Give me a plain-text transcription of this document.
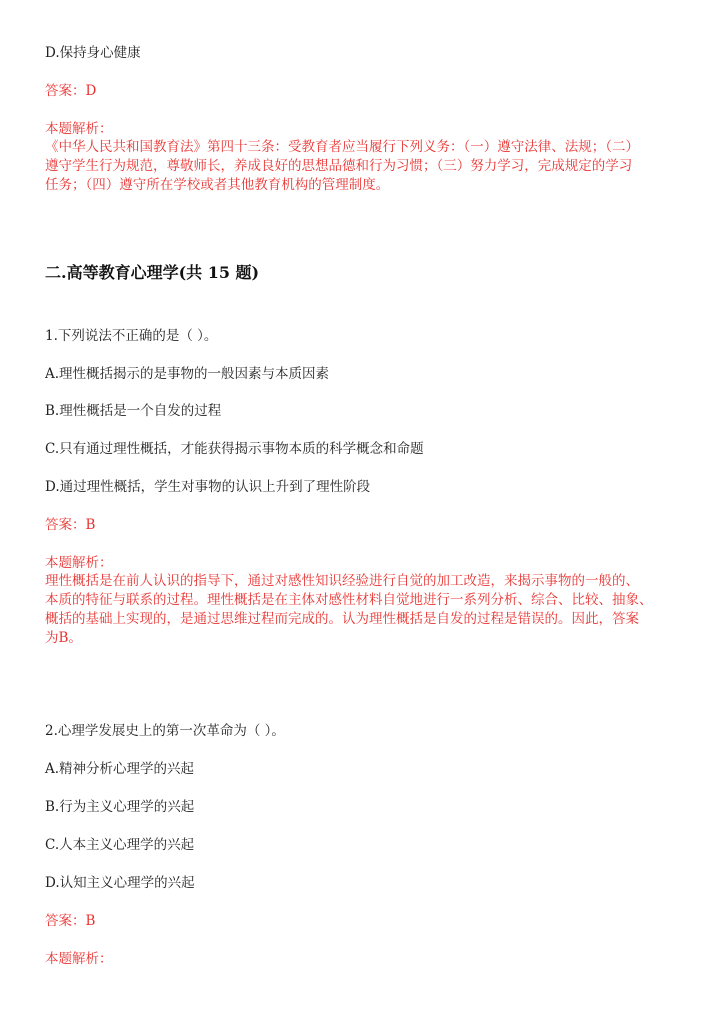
D.保持身心健康
答案：D
本题解析：
《中华人民共和国教育法》第四十三条：受教育者应当履行下列义务：（一）遵守法律、法规；（二）
遵守学生行为规范，尊敬师长，养成良好的思想品德和行为习惯；（三）努力学习，完成规定的学习
任务；（四）遵守所在学校或者其他教育机构的管理制度。
二.高等教育心理学(共 15 题)
1.下列说法不正确的是（ ）。
A.理性概括揭示的是事物的一般因素与本质因素
B.理性概括是一个自发的过程
C.只有通过理性概括，才能获得揭示事物本质的科学概念和命题
D.通过理性概括，学生对事物的认识上升到了理性阶段
答案：B
本题解析：
理性概括是在前人认识的指导下，通过对感性知识经验进行自觉的加工改造，来揭示事物的一般的、
本质的特征与联系的过程。理性概括是在主体对感性材料自觉地进行一系列分析、综合、比较、抽象、
概括的基础上实现的，是通过思维过程而完成的。认为理性概括是自发的过程是错误的。因此，答案
为B。
2.心理学发展史上的第一次革命为（ ）。
A.精神分析心理学的兴起
B.行为主义心理学的兴起
C.人本主义心理学的兴起
D.认知主义心理学的兴起
答案：B
本题解析：
